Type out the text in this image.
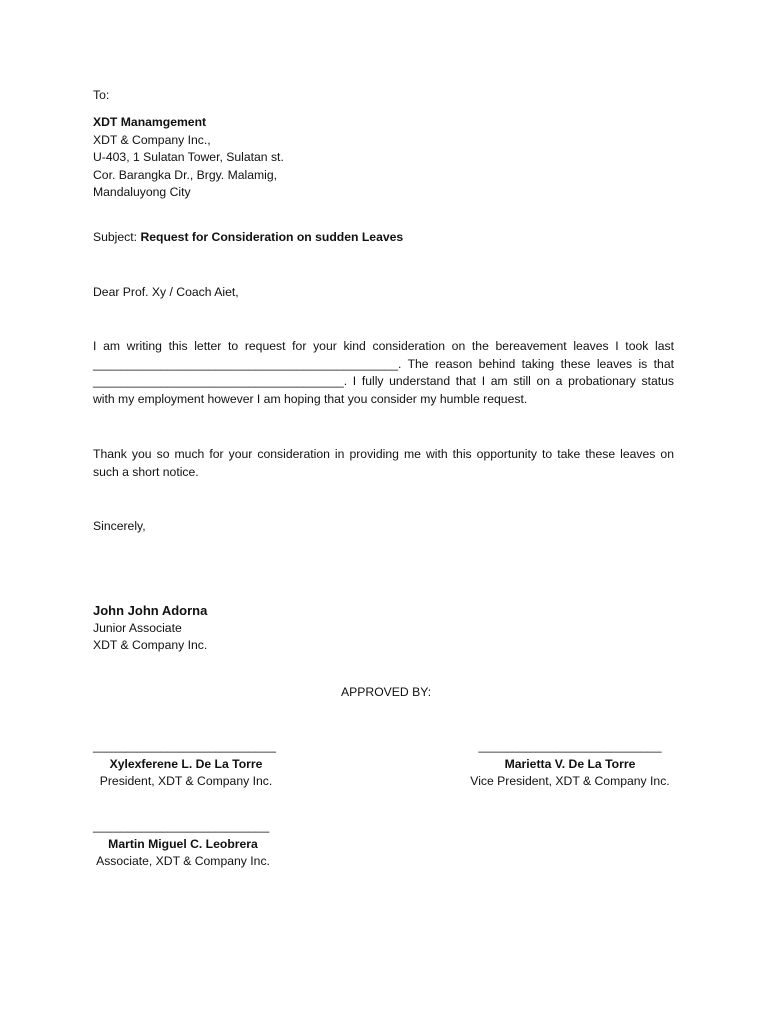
To:
XDT Manamgement
XDT & Company Inc.,
U-403, 1 Sulatan Tower, Sulatan st.
Cor. Barangka Dr., Brgy. Malamig,
Mandaluyong City
Subject: Request for Consideration on sudden Leaves
Dear Prof. Xy / Coach Aiet,
I am writing this letter to request for your kind consideration on the bereavement leaves I took last _____________________________________________. The reason behind taking these leaves is that _____________________________________. I fully understand that I am still on a probationary status with my employment however I am hoping that you consider my humble request.
Thank you so much for your consideration in providing me with this opportunity to take these leaves on such a short notice.
Sincerely,
John John Adorna
Junior Associate
XDT & Company Inc.
APPROVED BY:
___________________________
Xylexferene L. De La Torre
President, XDT & Company Inc.
___________________________
Marietta V. De La Torre
Vice President, XDT & Company Inc.
__________________________
Martin Miguel C. Leobrera
Associate, XDT & Company Inc.
